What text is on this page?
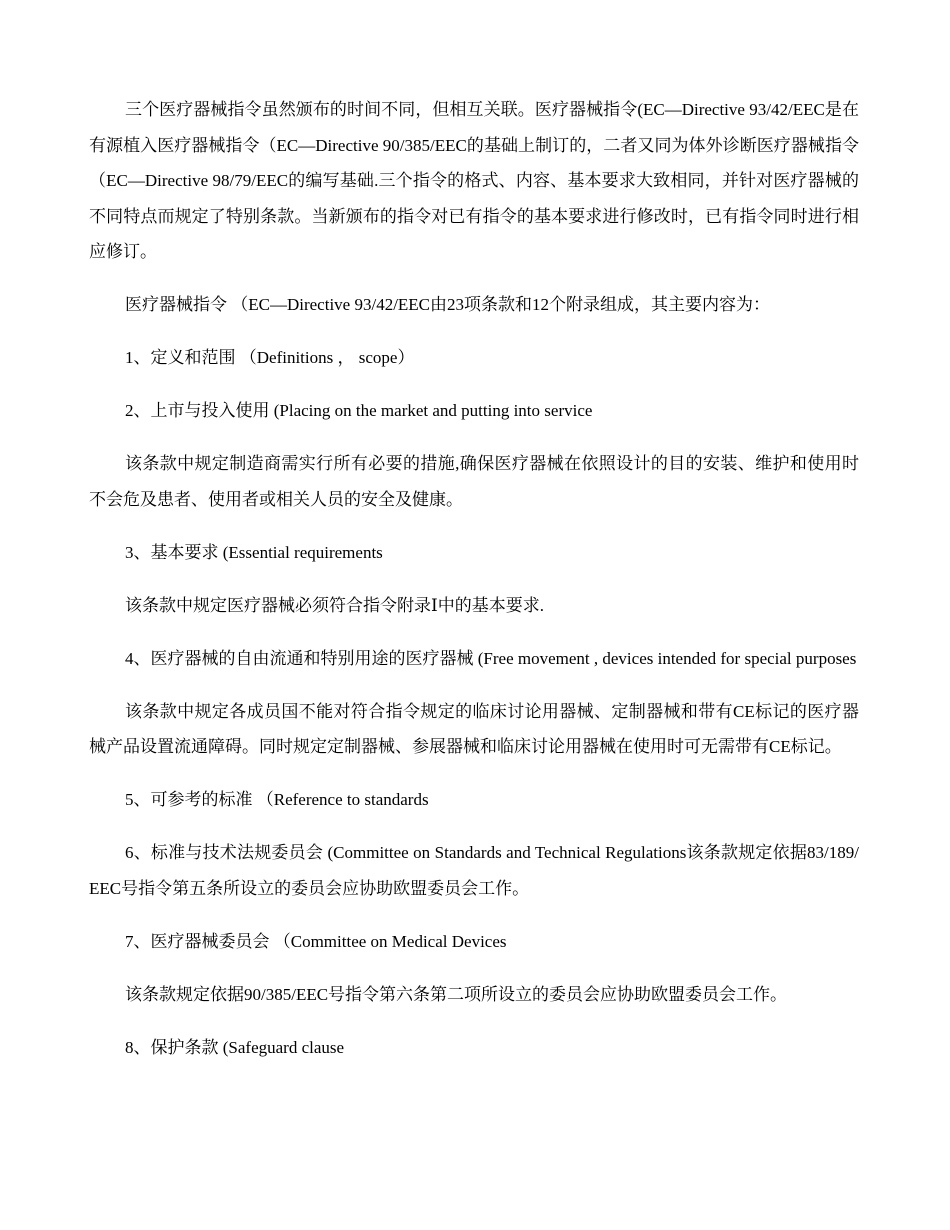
三个医疗器械指令虽然颁布的时间不同，但相互关联。医疗器械指令(EC—Directive 93/42/EEC是在有源植入医疗器械指令（EC—Directive 90/385/EEC的基础上制订的，二者又同为体外诊断医疗器械指令（EC—Directive 98/79/EEC的编写基础.三个指令的格式、内容、基本要求大致相同，并针对医疗器械的不同特点而规定了特别条款。当新颁布的指令对已有指令的基本要求进行修改时，已有指令同时进行相应修订。

医疗器械指令 （EC—Directive 93/42/EEC由23项条款和12个附录组成，其主要内容为：

1、定义和范围 （Definitions ， scope）

2、上市与投入使用 (Placing on the market and putting into service

该条款中规定制造商需实行所有必要的措施,确保医疗器械在依照设计的目的安装、维护和使用时不会危及患者、使用者或相关人员的安全及健康。

3、基本要求 (Essential requirements

该条款中规定医疗器械必须符合指令附录Ⅰ中的基本要求.

4、医疗器械的自由流通和特别用途的医疗器械 (Free movement , devices intended for special purposes

该条款中规定各成员国不能对符合指令规定的临床讨论用器械、定制器械和带有CE标记的医疗器械产品设置流通障碍。同时规定定制器械、参展器械和临床讨论用器械在使用时可无需带有CE标记。

5、可参考的标准 （Reference to standards

6、标准与技术法规委员会 (Committee on Standards and Technical Regulations该条款规定依据83/189/EEC号指令第五条所设立的委员会应协助欧盟委员会工作。

7、医疗器械委员会 （Committee on Medical Devices

该条款规定依据90/385/EEC号指令第六条第二项所设立的委员会应协助欧盟委员会工作。

8、保护条款 (Safeguard clause
